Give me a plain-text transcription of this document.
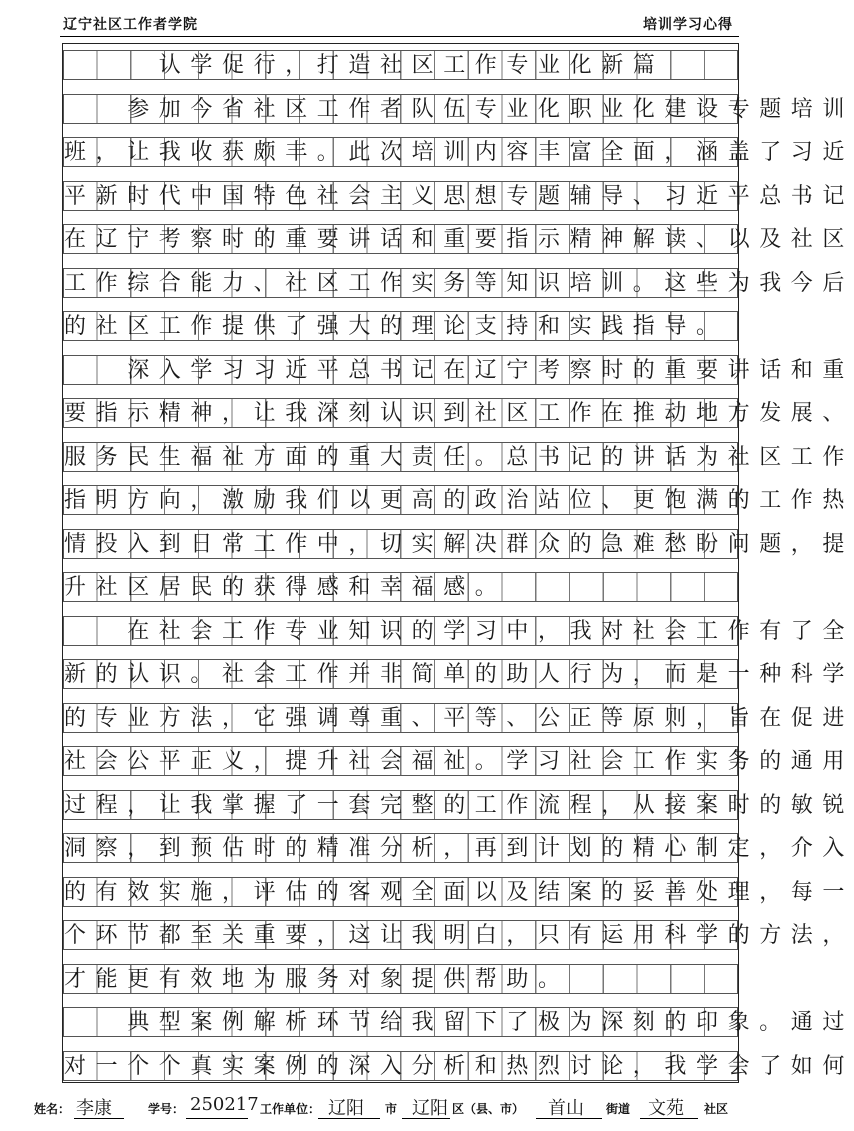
辽宁社区工作者学院	培训学习心得
　　　认学促行，打造社区工作专业化新篇
　　参加今省社区工作者队伍专业化职业化建设专题培训
班，让我收获颇丰。此次培训内容丰富全面，涵盖了习近
平新时代中国特色社会主义思想专题辅导、习近平总书记
在辽宁考察时的重要讲话和重要指示精神解读、以及社区
工作综合能力、社区工作实务等知识培训。这些为我今后
的社区工作提供了强大的理论支持和实践指导。
　　深入学习习近平总书记在辽宁考察时的重要讲话和重
要指示精神，让我深刻认识到社区工作在推动地方发展、
服务民生福祉方面的重大责任。总书记的讲话为社区工作
指明方向，激励我们以更高的政治站位、更饱满的工作热
情投入到日常工作中，切实解决群众的急难愁盼问题，提
升社区居民的获得感和幸福感。
　　在社会工作专业知识的学习中，我对社会工作有了全
新的认识。社会工作并非简单的助人行为，而是一种科学
的专业方法，它强调尊重、平等、公正等原则，旨在促进
社会公平正义，提升社会福祉。学习社会工作实务的通用
过程，让我掌握了一套完整的工作流程，从接案时的敏锐
洞察，到预估时的精准分析，再到计划的精心制定，介入
的有效实施，评估的客观全面以及结案的妥善处理，每一
个环节都至关重要，这让我明白，只有运用科学的方法，
才能更有效地为服务对象提供帮助。
　　典型案例解析环节给我留下了极为深刻的印象。通过
对一个个真实案例的深入分析和热烈讨论，我学会了如何
姓名： 李康	学号： 250217 工作单位： 辽阳 市 辽阳 区（县、市） 首山 街道 文苑 社区
